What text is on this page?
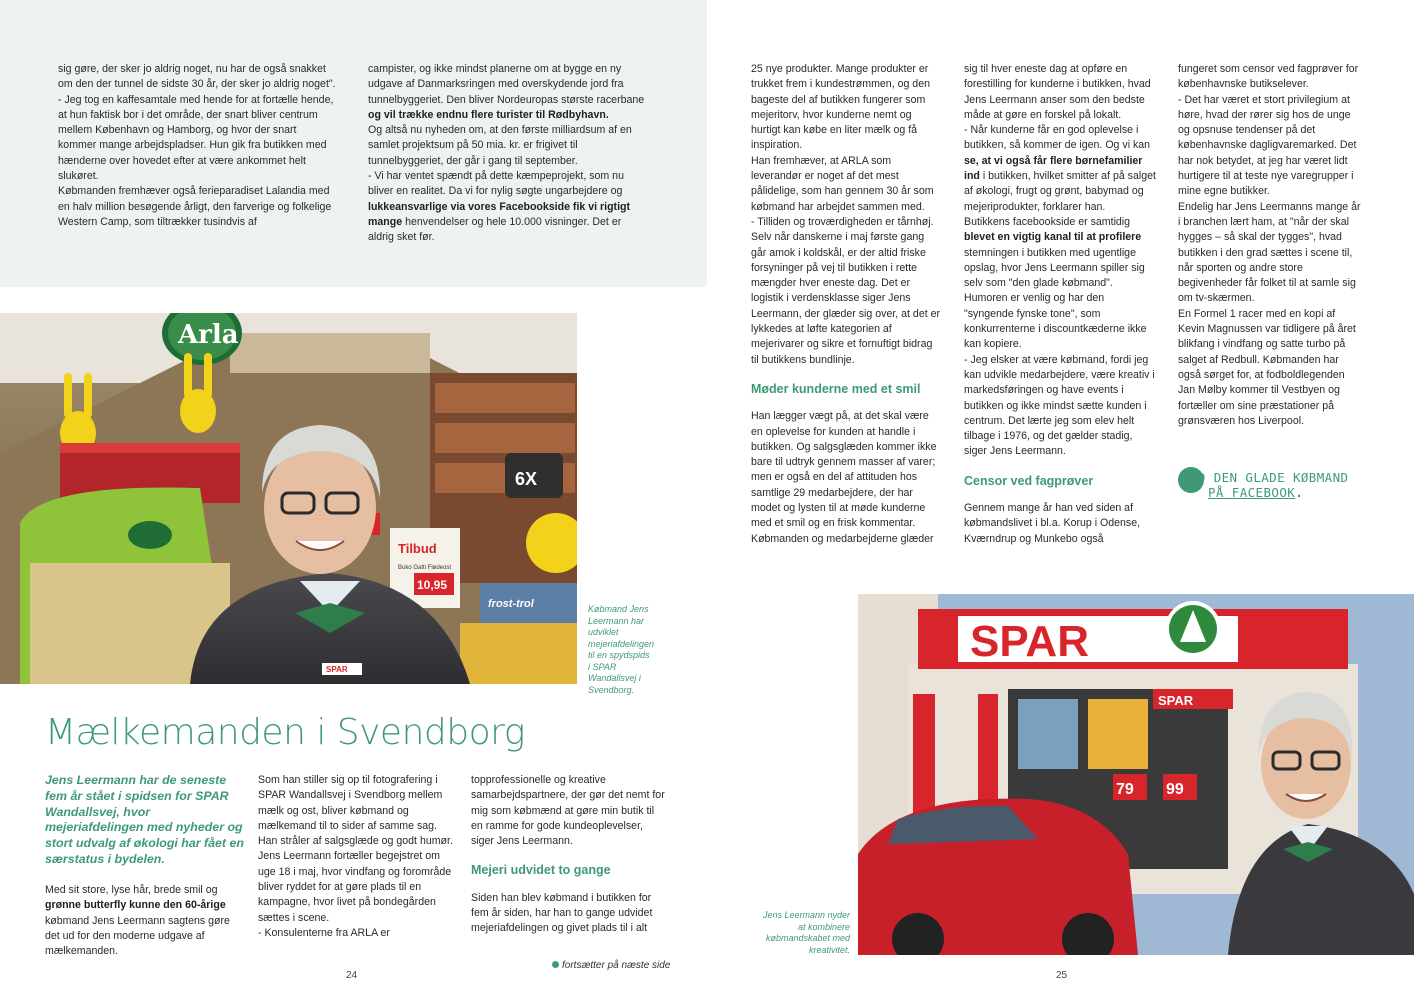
sig gøre, der sker jo aldrig noget, nu har de også snakket om den der tunnel de sidste 30 år, der sker jo aldrig noget".

- Jeg tog en kaffesamtale med hende for at fortælle hende, at hun faktisk bor i det område, der snart bliver centrum mellem København og Hamborg, og hvor der snart kommer mange arbejdspladser. Hun gik fra butikken med hænderne over hovedet efter at være ankommet helt slukøret.

Købmanden fremhæver også ferieparadiset Lalandia med en halv million besøgende årligt, den farverige og folkelige Western Camp, som tiltrækker tusindvis af

campister, og ikke mindst planerne om at bygge en ny udgave af Danmarksringen med overskydende jord fra tunnelbyggeriet. Den bliver Nordeuropas største racerbane og vil trække endnu flere turister til Rødbyhavn.

Og altså nu nyheden om, at den første milliardsum af en samlet projektsum på 50 mia. kr. er frigivet til tunnelbyggeriet, der går i gang til september.

- Vi har ventet spændt på dette kæmpeprojekt, som nu bliver en realitet. Da vi for nylig søgte ungarbejdere og lukkeansvarlige via vores Facebookside fik vi rigtigt mange henvendelser og hele 10.000 visninger. Det er aldrig sket før.

Arla
6X
Tilbud
Buko Gatti Flødeost
10,95
frost-trol
SPAR
Købmand Jens Leermann har udviklet mejeriafdelingen til en spydspids i SPAR Wandallsvej i Svendborg.
Mælkemanden i Svendborg
Jens Leermann har de seneste fem år stået i spidsen for SPAR Wandallsvej, hvor mejeriafdelingen med nyheder og stort udvalg af økologi har fået en særstatus i bydelen.

Med sit store, lyse hår, brede smil og grønne butterfly kunne den 60-årige købmand Jens Leermann sagtens gøre det ud for den moderne udgave af mælkemanden.

Som han stiller sig op til fotografering i SPAR Wandallsvej i Svendborg mellem mælk og ost, bliver købmand og mælkemand til to sider af samme sag. Han stråler af salgsglæde og godt humør.

Jens Leermann fortæller begejstret om uge 18 i maj, hvor vindfang og forområde bliver ryddet for at gøre plads til en kampagne, hvor livet på bondegården sættes i scene.

- Konsulenterne fra ARLA er

topprofessionelle og kreative samarbejdspartnere, der gør det nemt for mig som købmænd at gøre min butik til en ramme for gode kundeoplevelser, siger Jens Leermann.

Mejeri udvidet to gange

Siden han blev købmand i butikken for fem år siden, har han to gange udvidet mejeriafdelingen og givet plads til i alt

fortsætter på næste side
24

25 nye produkter. Mange produkter er trukket frem i kundestrømmen, og den bageste del af butikken fungerer som mejeritorv, hvor kunderne nemt og hurtigt kan købe en liter mælk og få inspiration.

Han fremhæver, at ARLA som leverandør er noget af det mest pålidelige, som han gennem 30 år som købmand har arbejdet sammen med.

- Tilliden og troværdigheden er tårnhøj. Selv når danskerne i maj første gang går amok i koldskål, er der altid friske forsyninger på vej til butikken i rette mængder hver eneste dag. Det er logistik i verdensklasse siger Jens Leermann, der glæder sig over, at det er lykkedes at løfte kategorien af mejerivarer og sikre et fornuftigt bidrag til butikkens bundlinje.

Møder kunderne med et smil

Han lægger vægt på, at det skal være en oplevelse for kunden at handle i butikken. Og salgsglæden kommer ikke bare til udtryk gennem masser af varer; men er også en del af attituden hos samtlige 29 medarbejdere, der har modet og lysten til at møde kunderne med et smil og en frisk kommentar. Købmanden og medarbejderne glæder

sig til hver eneste dag at opføre en forestilling for kunderne i butikken, hvad Jens Leermann anser som den bedste måde at gøre en forskel på lokalt.

- Når kunderne får en god oplevelse i butikken, så kommer de igen. Og vi kan se, at vi også får flere børnefamilier ind i butikken, hvilket smitter af på salget af økologi, frugt og grønt, babymad og mejeriprodukter, forklarer han.

Butikkens facebookside er samtidig blevet en vigtig kanal til at profilere stemningen i butikken med ugentlige opslag, hvor Jens Leermann spiller sig selv som "den glade købmand". Humoren er venlig og har den "syngende fynske tone", som konkurrenterne i discountkæderne ikke kan kopiere.

- Jeg elsker at være købmand, fordi jeg kan udvikle medarbejdere, være kreativ i markedsføringen og have events i butikken og ikke mindst sætte kunden i centrum. Det lærte jeg som elev helt tilbage i 1976, og det gælder stadig, siger Jens Leermann.

Censor ved fagprøver

Gennem mange år han ved siden af købmandslivet i bl.a. Korup i Odense, Kværndrup og Munkebo også

fungeret som censor ved fagprøver for københavnske butikselever.

- Det har været et stort privilegium at høre, hvad der rører sig hos de unge og opsnuse tendenser på det københavnske dagligvaremarked. Det har nok betydet, at jeg har været lidt hurtigere til at teste nye varegrupper i mine egne butikker.

Endelig har Jens Leermanns mange år i branchen lært ham, at "når der skal hygges – så skal der tygges", hvad butikken i den grad sættes i scene til, når sporten og andre store begivenheder får folket til at samle sig om tv-skærmen.

En Formel 1 racer med en kopi af Kevin Magnussen var tidligere på året blikfang i vindfang og satte turbo på salget af Redbull. Købmanden har også sørget for, at fodboldlegenden Jan Mølby kommer til Vestbyen og fortæller om sine præstationer på grønsværen hos Liverpool.

MØD DEN GLADE KØBMAND
PÅ FACEBOOK.
SPAR
SPAR
79 99
Jens Leermann nyder at kombinere købmandskabet med kreativitet.
25
